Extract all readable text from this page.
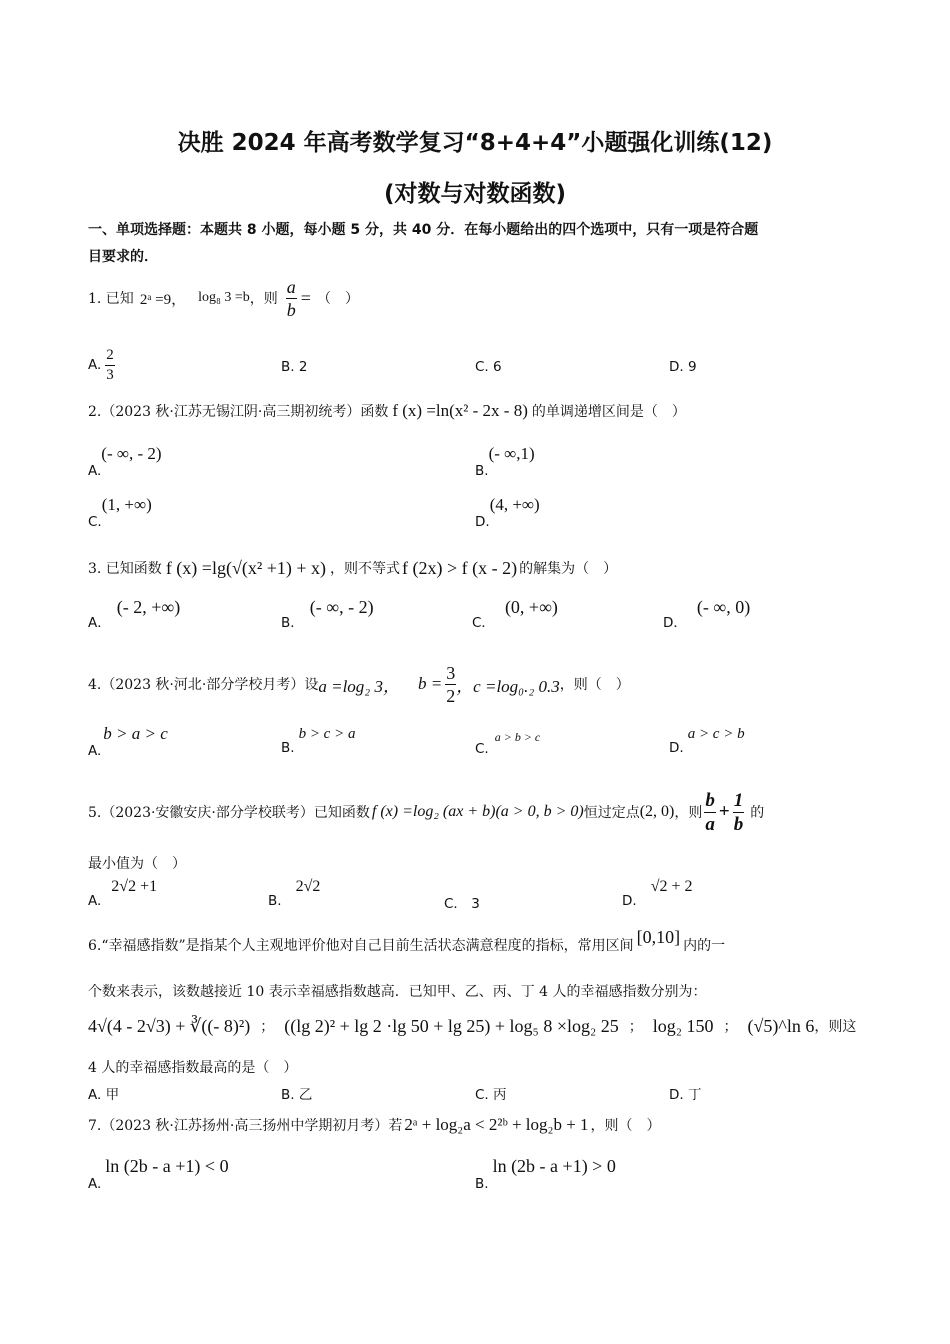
决胜 2024 年高考数学复习“8+4+4”小题强化训练(12)
(对数与对数函数)
一、单项选择题：本题共 8 小题，每小题 5 分，共 40 分．在每小题给出的四个选项中，只有一项是符合题
目要求的．
1. 已知 2ᵃ =9， log₈ 3 =b ，则 $\frac{a}{b}$ = （　）
A. $\frac{2}{3}$	B. 2	C. 6	D. 9
2.（2023 秋·江苏无锡江阴·高三期初统考）函数 f (x) =ln(x² - 2x - 8) 的单调递增区间是（　）
A.(- ∞, - 2)
B.(- ∞,1)
C.(1, +∞)
D.(4, +∞)
3. 已知函数 f (x) =lg(√(x² +1) + x) ，则不等式 f (2x) > f (x - 2) 的解集为（　）
A．(- 2, +∞)
B．(- ∞, - 2)
C．(0, +∞)
D．(- ∞, 0)
4.（2023 秋·河北·部分学校月考）设 a =log₂ 3， $b = \frac{3}{2}$ ，c =log₀.₂ 0.3 ，则（　）
A.b > a > c
B.b > c > a
C.a > b > c
D.a > c > b
5.（2023·安徽安庆·部分学校联考）已知函数 f (x) =log₂ (ax + b)(a > 0, b > 0) 恒过定点 (2, 0) ，则 $\frac{b}{a} + \frac{1}{b}$ 的
最小值为（　）
A.2√2 +1
B.2√2
C． 3	D.√2 + 2
6.“幸福感指数”是指某个人主观地评价他对自己目前生活状态满意程度的指标，常用区间 [0,10] 内的一
个数来表示，该数越接近 10 表示幸福感指数越高．已知甲、乙、丙、丁 4 人的幸福感指数分别为：
4√(4 - 2√3) + ∛((- 8)²) ； ((lg 2)² + lg 2 ·lg 50 + lg 25) + log₅ 8 ×log₂ 25 ； log₂ 150 ； (√5)^ln 6 ，则这
4 人的幸福感指数最高的是（　）
A. 甲	B. 乙	C. 丙	D. 丁
7.（2023 秋·江苏扬州·高三扬州中学期初月考）若 2ᵃ + log₂a < 2²ᵇ + log₂b + 1 ，则（　）
A.ln (2b - a +1) < 0
B.ln (2b - a +1) > 0
